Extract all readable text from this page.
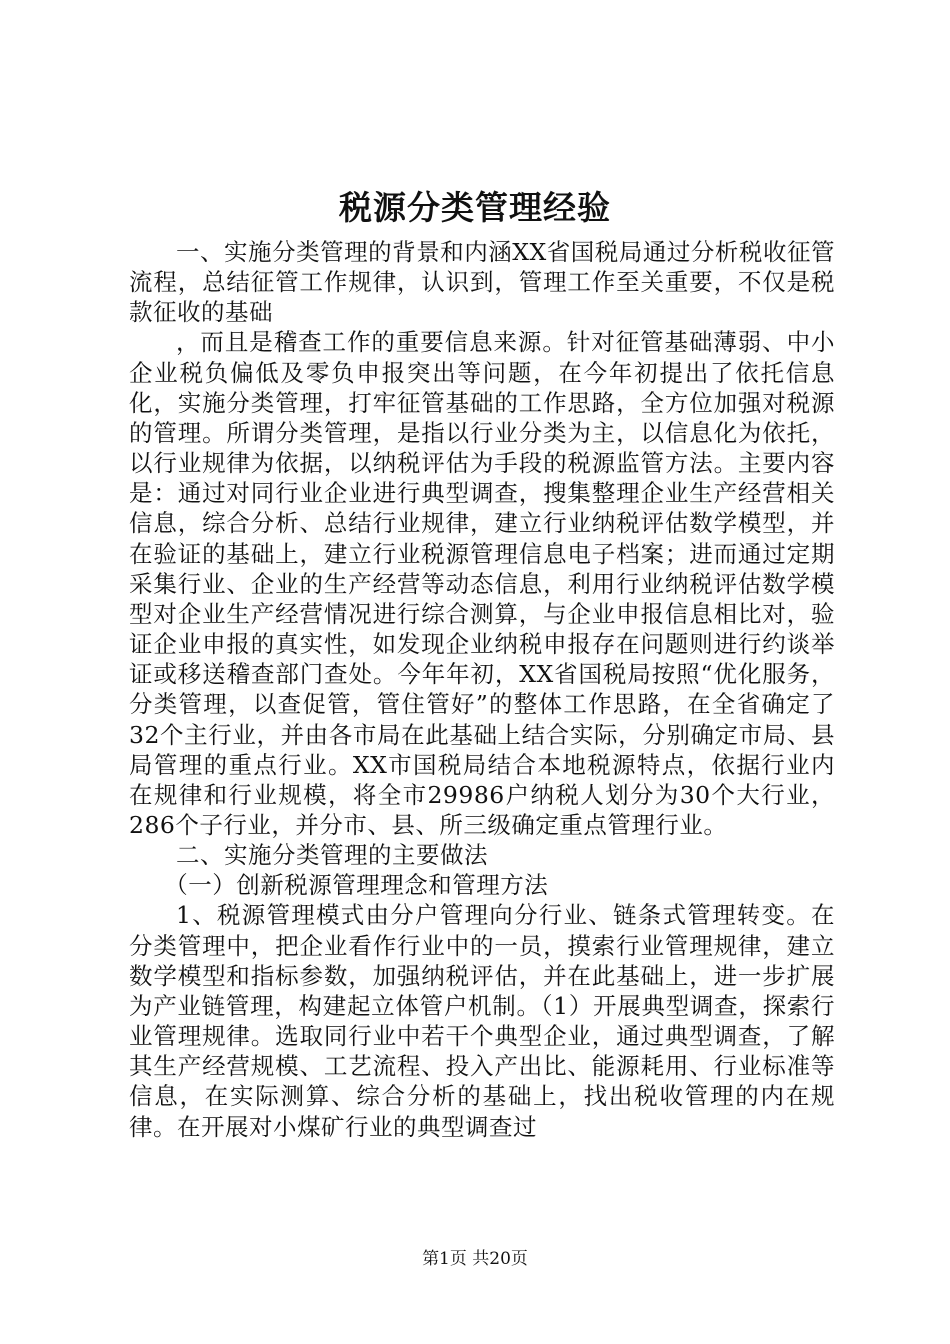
税源分类管理经验

一、实施分类管理的背景和内涵XX省国税局通过分析税收征管流程，总结征管工作规律，认识到，管理工作至关重要，不仅是税款征收的基础

，而且是稽查工作的重要信息来源。针对征管基础薄弱、中小企业税负偏低及零负申报突出等问题，在今年初提出了依托信息化，实施分类管理，打牢征管基础的工作思路，全方位加强对税源的管理。所谓分类管理，是指以行业分类为主，以信息化为依托，以行业规律为依据，以纳税评估为手段的税源监管方法。主要内容是：通过对同行业企业进行典型调查，搜集整理企业生产经营相关信息，综合分析、总结行业规律，建立行业纳税评估数学模型，并在验证的基础上，建立行业税源管理信息电子档案；进而通过定期采集行业、企业的生产经营等动态信息，利用行业纳税评估数学模型对企业生产经营情况进行综合测算，与企业申报信息相比对，验证企业申报的真实性，如发现企业纳税申报存在问题则进行约谈举证或移送稽查部门查处。今年年初，XX省国税局按照“优化服务，分类管理，以查促管，管住管好”的整体工作思路，在全省确定了32个主行业，并由各市局在此基础上结合实际，分别确定市局、县局管理的重点行业。XX市国税局结合本地税源特点，依据行业内在规律和行业规模，将全市29986户纳税人划分为30个大行业，286个子行业，并分市、县、所三级确定重点管理行业。

二、实施分类管理的主要做法

（一）创新税源管理理念和管理方法

1、税源管理模式由分户管理向分行业、链条式管理转变。在分类管理中，把企业看作行业中的一员，摸索行业管理规律，建立数学模型和指标参数，加强纳税评估，并在此基础上，进一步扩展为产业链管理，构建起立体管户机制。（1）开展典型调查，探索行业管理规律。选取同行业中若干个典型企业，通过典型调查，了解其生产经营规模、工艺流程、投入产出比、能源耗用、行业标准等信息，在实际测算、综合分析的基础上，找出税收管理的内在规律。在开展对小煤矿行业的典型调查过

第1页 共20页
